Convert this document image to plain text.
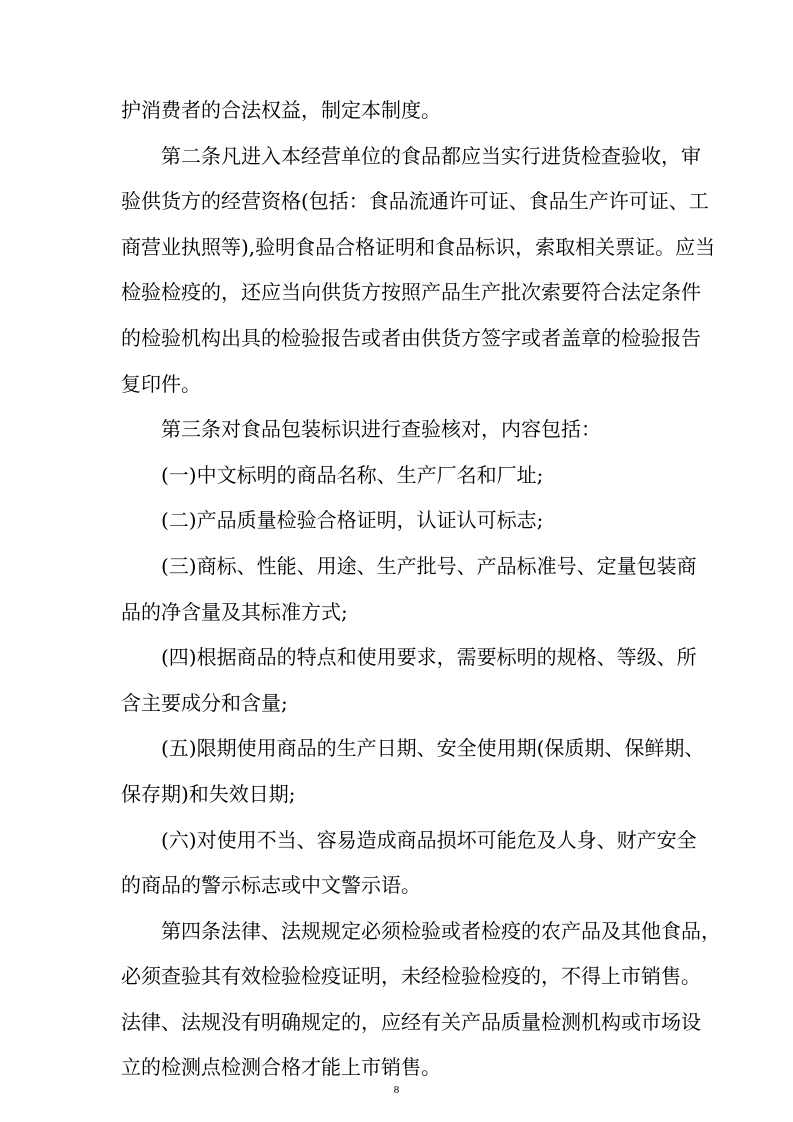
护消费者的合法权益，制定本制度。
第二条凡进入本经营单位的食品都应当实行进货检查验收，审
验供货方的经营资格(包括：食品流通许可证、食品生产许可证、工
商营业执照等),验明食品合格证明和食品标识，索取相关票证。应当
检验检疫的，还应当向供货方按照产品生产批次索要符合法定条件
的检验机构出具的检验报告或者由供货方签字或者盖章的检验报告
复印件。
第三条对食品包装标识进行查验核对，内容包括：
(一)中文标明的商品名称、生产厂名和厂址;
(二)产品质量检验合格证明，认证认可标志;
(三)商标、性能、用途、生产批号、产品标准号、定量包装商
品的净含量及其标准方式;
(四)根据商品的特点和使用要求，需要标明的规格、等级、所
含主要成分和含量;
(五)限期使用商品的生产日期、安全使用期(保质期、保鲜期、
保存期)和失效日期;
(六)对使用不当、容易造成商品损坏可能危及人身、财产安全
的商品的警示标志或中文警示语。
第四条法律、法规规定必须检验或者检疫的农产品及其他食品，
必须查验其有效检验检疫证明，未经检验检疫的，不得上市销售。
法律、法规没有明确规定的，应经有关产品质量检测机构或市场设
立的检测点检测合格才能上市销售。
8
